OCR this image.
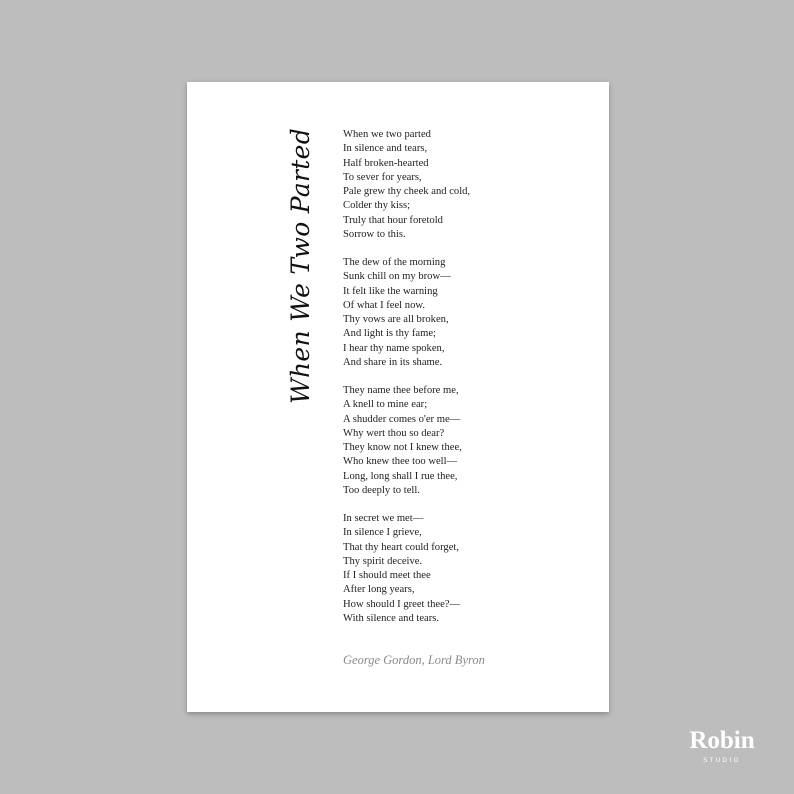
When We Two Parted	When we two parted
In silence and tears,
Half broken-hearted
To sever for years,
Pale grew thy cheek and cold,
Colder thy kiss;
Truly that hour foretold
Sorrow to this.
The dew of the morning
Sunk chill on my brow—
It felt like the warning
Of what I feel now.
Thy vows are all broken,
And light is thy fame;
I hear thy name spoken,
And share in its shame.
They name thee before me,
A knell to mine ear;
A shudder comes o'er me—
Why wert thou so dear?
They know not I knew thee,
Who knew thee too well—
Long, long shall I rue thee,
Too deeply to tell.
In secret we met—
In silence I grieve,
That thy heart could forget,
Thy spirit deceive.
If I should meet thee
After long years,
How should I greet thee?—
With silence and tears.
George Gordon, Lord Byron
Robin
STUDIO
